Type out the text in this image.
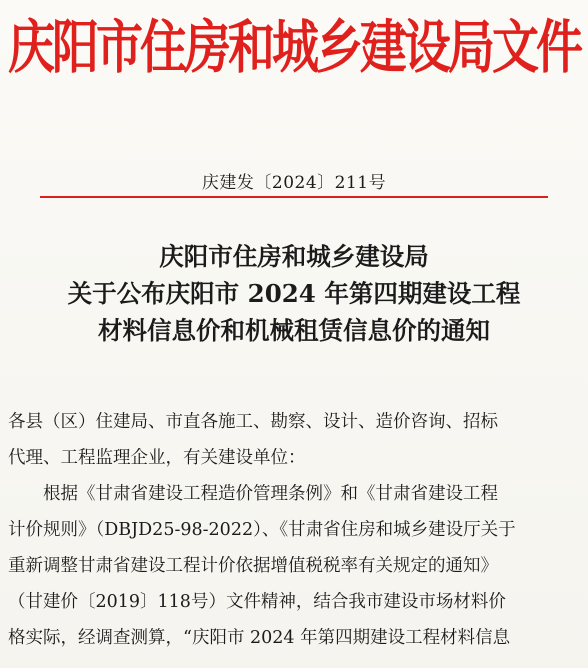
庆阳市住房和城乡建设局文件
庆建发〔2024〕211号
庆阳市住房和城乡建设局
关于公布庆阳市 2024 年第四期建设工程
材料信息价和机械租赁信息价的通知
各县（区）住建局、市直各施工、勘察、设计、造价咨询、招标
代理、工程监理企业，有关建设单位：
根据《甘肃省建设工程造价管理条例》和《甘肃省建设工程
计价规则》（DBJD25-98-2022）、《甘肃省住房和城乡建设厅关于
重新调整甘肃省建设工程计价依据增值税税率有关规定的通知》
（甘建价〔2019〕118号）文件精神，结合我市建设市场材料价
格实际，经调查测算，“庆阳市 2024 年第四期建设工程材料信息
